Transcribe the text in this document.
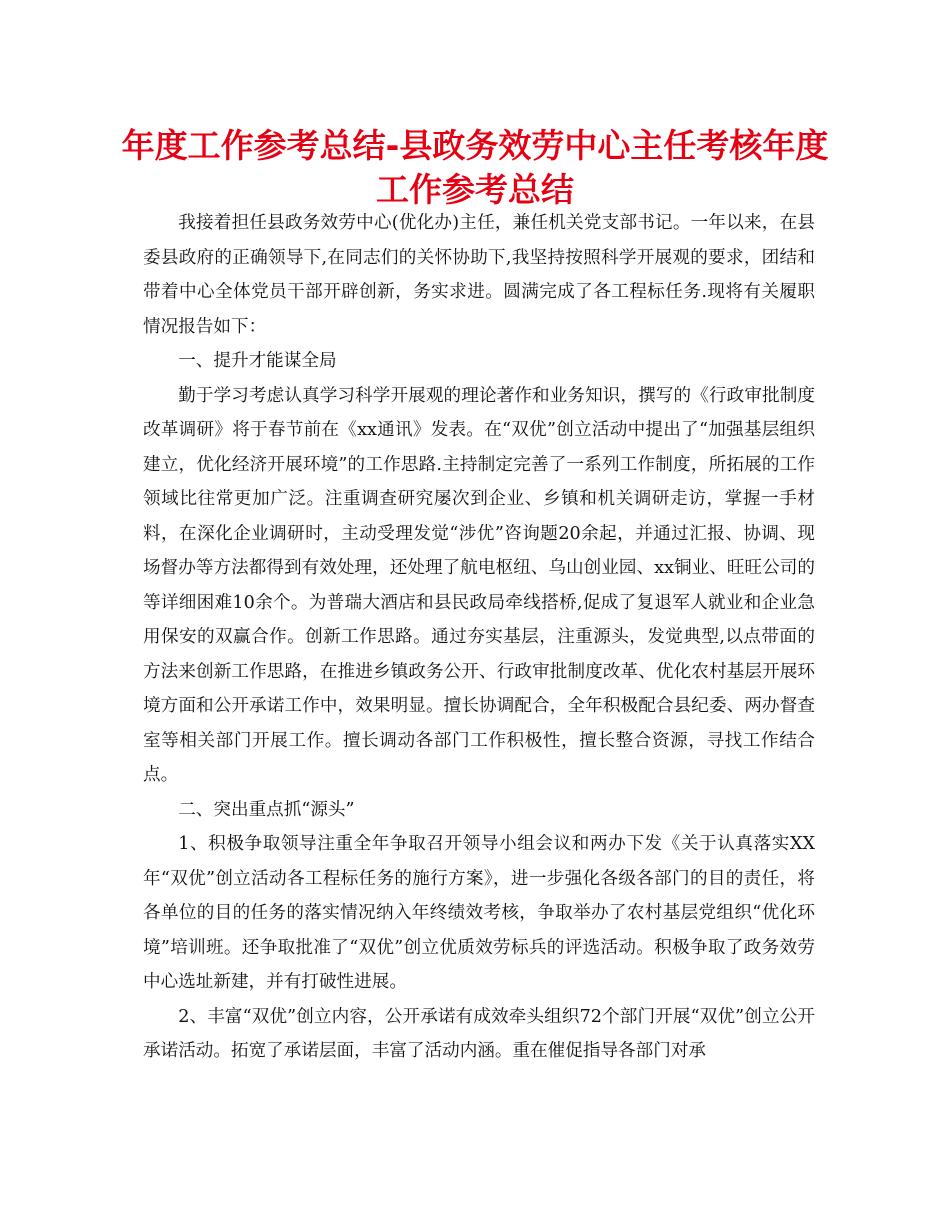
年度工作参考总结-县政务效劳中心主任考核年度
工作参考总结

我接着担任县政务效劳中心(优化办)主任，兼任机关党支部书记。一年以来，在县委县政府的正确领导下,在同志们的关怀协助下,我坚持按照科学开展观的要求，团结和带着中心全体党员干部开辟创新，务实求进。圆满完成了各工程标任务.现将有关履职情况报告如下：

一、提升才能谋全局

勤于学习考虑认真学习科学开展观的理论著作和业务知识，撰写的《行政审批制度改革调研》将于春节前在《xx通讯》发表。在“双优”创立活动中提出了“加强基层组织建立，优化经济开展环境”的工作思路.主持制定完善了一系列工作制度，所拓展的工作领域比往常更加广泛。注重调查研究屡次到企业、乡镇和机关调研走访，掌握一手材料，在深化企业调研时，主动受理发觉“涉优”咨询题20余起，并通过汇报、协调、现场督办等方法都得到有效处理，还处理了航电枢纽、乌山创业园、xx铜业、旺旺公司的等详细困难10余个。为普瑞大酒店和县民政局牵线搭桥,促成了复退军人就业和企业急用保安的双赢合作。创新工作思路。通过夯实基层，注重源头，发觉典型,以点带面的方法来创新工作思路，在推进乡镇政务公开、行政审批制度改革、优化农村基层开展环境方面和公开承诺工作中，效果明显。擅长协调配合，全年积极配合县纪委、两办督查室等相关部门开展工作。擅长调动各部门工作积极性，擅长整合资源，寻找工作结合点。

二、突出重点抓“源头”

1、积极争取领导注重全年争取召开领导小组会议和两办下发《关于认真落实XX年“双优”创立活动各工程标任务的施行方案》，进一步强化各级各部门的目的责任，将各单位的目的任务的落实情况纳入年终绩效考核，争取举办了农村基层党组织“优化环境”培训班。还争取批准了“双优”创立优质效劳标兵的评选活动。积极争取了政务效劳中心选址新建，并有打破性进展。

2、丰富“双优”创立内容，公开承诺有成效牵头组织72个部门开展“双优”创立公开承诺活动。拓宽了承诺层面，丰富了活动内涵。重在催促指导各部门对承
